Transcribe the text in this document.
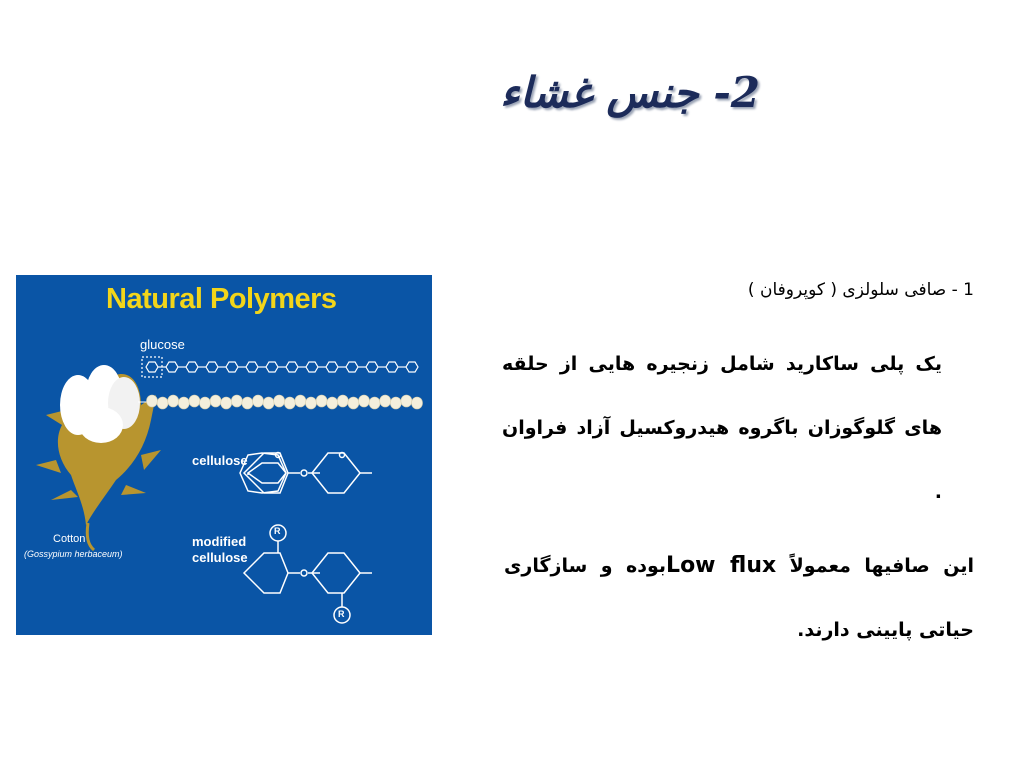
2- جنس غشاء
Natural Polymers
glucose
cellulose
modified
cellulose
Cotton
(Gossypium herbaceum)
R
R
1 - صافی سلولزی ( کوپروفان )
یک پلی ساکارید شامل زنجیره هایی از حلقه های گلوگوزان باگروه هیدروکسیل آزاد فراوان .
این صافیها معمولاً Low fluxبوده و سازگاری حیاتی پایینی دارند.
